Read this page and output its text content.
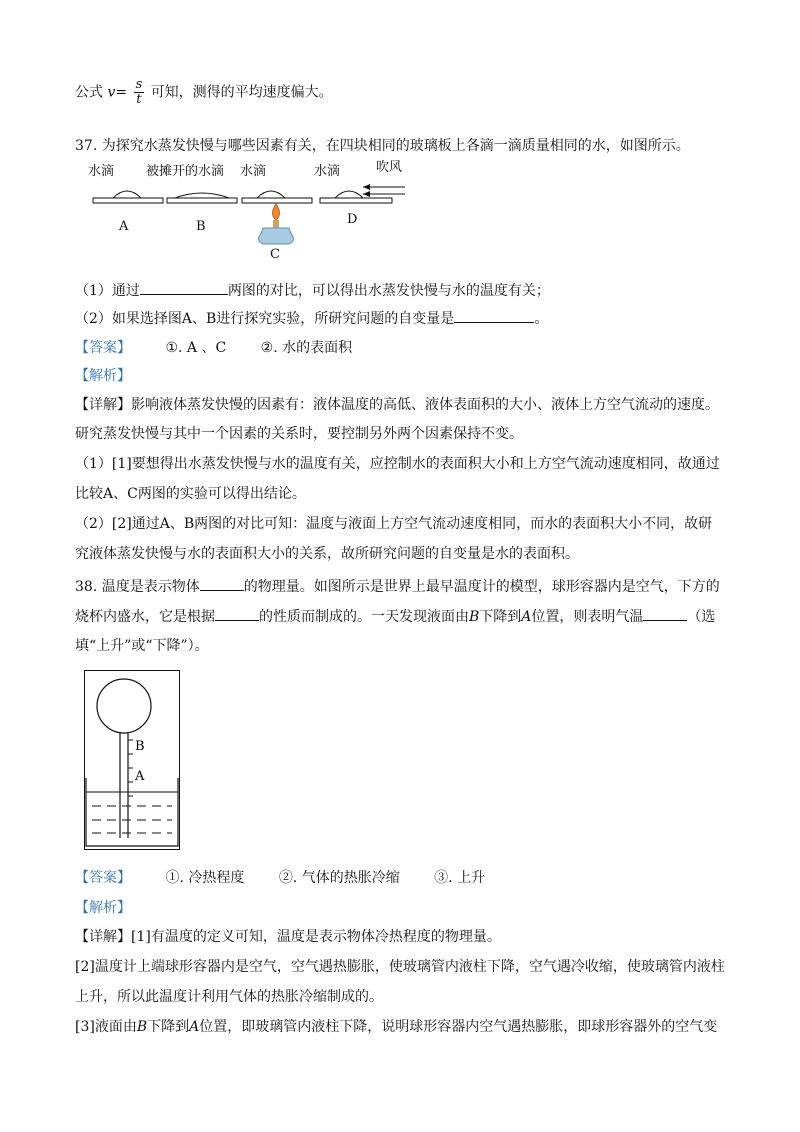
公式 $v= \frac{s}{t}$ 可知，测得的平均速度偏大。
37. 为探究水蒸发快慢与哪些因素有关，在四块相同的玻璃板上各滴一滴质量相同的水，如图所示。
水滴 被摊开的水滴 水滴	水滴	吹风
A	B
C
D
（1）通过	两图的对比，可以得出水蒸发快慢与水的温度有关；
（2）如果选择图A、B进行探究实验，所研究问题的自变量是	。
【答案】 ①. A 、C ②. 水的表面积
【解析】
【详解】影响液体蒸发快慢的因素有：液体温度的高低、液体表面积的大小、液体上方空气流动的速度。
研究蒸发快慢与其中一个因素的关系时，要控制另外两个因素保持不变。
（1）[1]要想得出水蒸发快慢与水的温度有关，应控制水的表面积大小和上方空气流动速度相同，故通过
比较A、C两图的实验可以得出结论。
（2）[2]通过A、B两图的对比可知：温度与液面上方空气流动速度相同，而水的表面积大小不同，故研
究液体蒸发快慢与水的表面积大小的关系，故所研究问题的自变量是水的表面积。
38. 温度是表示物体	的物理量。如图所示是世界上最早温度计的模型，球形容器内是空气，下方的
烧杯内盛水，它是根据	的性质而制成的。一天发现液面由B下降到A位置，则表明气温	（选
填“上升”或“下降”）。
B
A
【答案】 ①. 冷热程度 ②. 气体的热胀冷缩 ③. 上升
【解析】
【详解】[1]有温度的定义可知，温度是表示物体冷热程度的物理量。
[2]温度计上端球形容器内是空气，空气遇热膨胀，使玻璃管内液柱下降，空气遇冷收缩，使玻璃管内液柱
上升，所以此温度计利用气体的热胀冷缩制成的。
[3]液面由B下降到A位置，即玻璃管内液柱下降，说明球形容器内空气遇热膨胀，即球形容器外的空气变
